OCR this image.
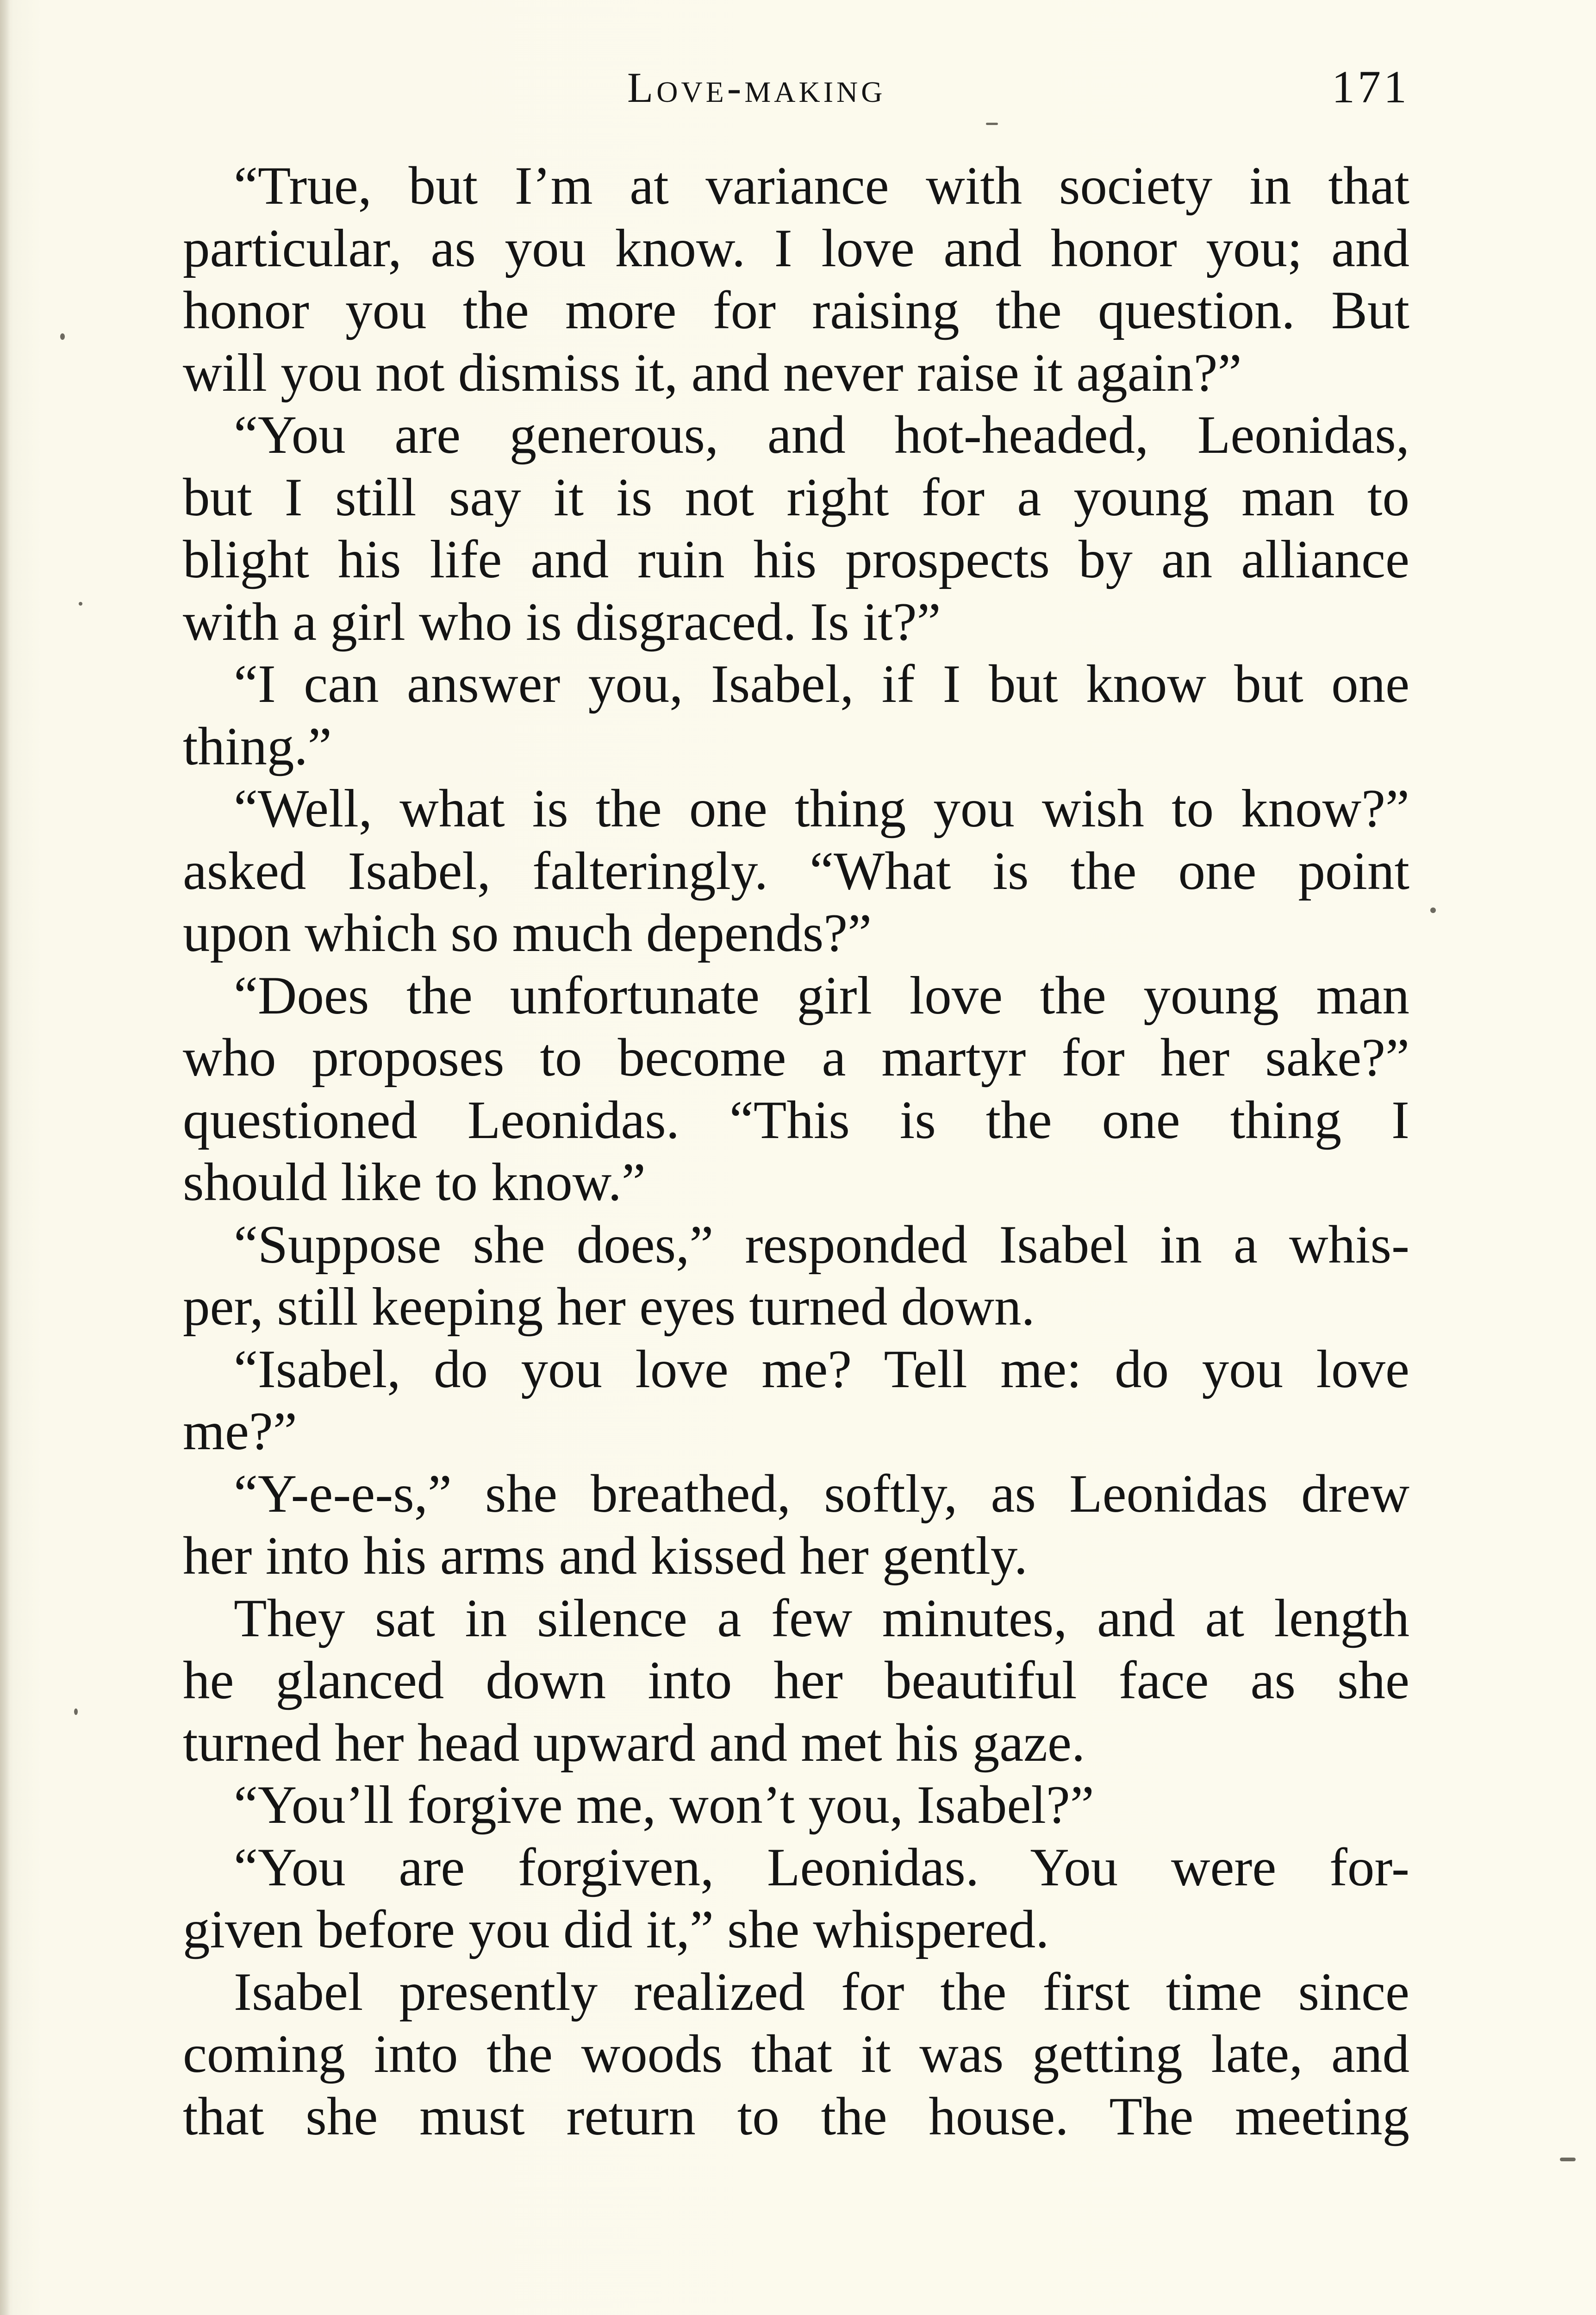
Love-making	171
“True, but I’m at variance with society in that
particular, as you know. I love and honor you; and
honor you the more for raising the question. But
will you not dismiss it, and never raise it again?”
“You are generous, and hot-headed, Leonidas,
but I still say it is not right for a young man to
blight his life and ruin his prospects by an alliance
with a girl who is disgraced. Is it?”
“I can answer you, Isabel, if I but know but one
thing.”
“Well, what is the one thing you wish to know?”
asked Isabel, falteringly. “What is the one point
upon which so much depends?”
“Does the unfortunate girl love the young man
who proposes to become a martyr for her sake?”
questioned Leonidas. “This is the one thing I
should like to know.”
“Suppose she does,” responded Isabel in a whis-
per, still keeping her eyes turned down.
“Isabel, do you love me? Tell me: do you love
me?”
“Y-e-e-s,” she breathed, softly, as Leonidas drew
her into his arms and kissed her gently.
They sat in silence a few minutes, and at length
he glanced down into her beautiful face as she
turned her head upward and met his gaze.
“You’ll forgive me, won’t you, Isabel?”
“You are forgiven, Leonidas. You were for-
given before you did it,” she whispered.
Isabel presently realized for the first time since
coming into the woods that it was getting late, and
that she must return to the house. The meeting
